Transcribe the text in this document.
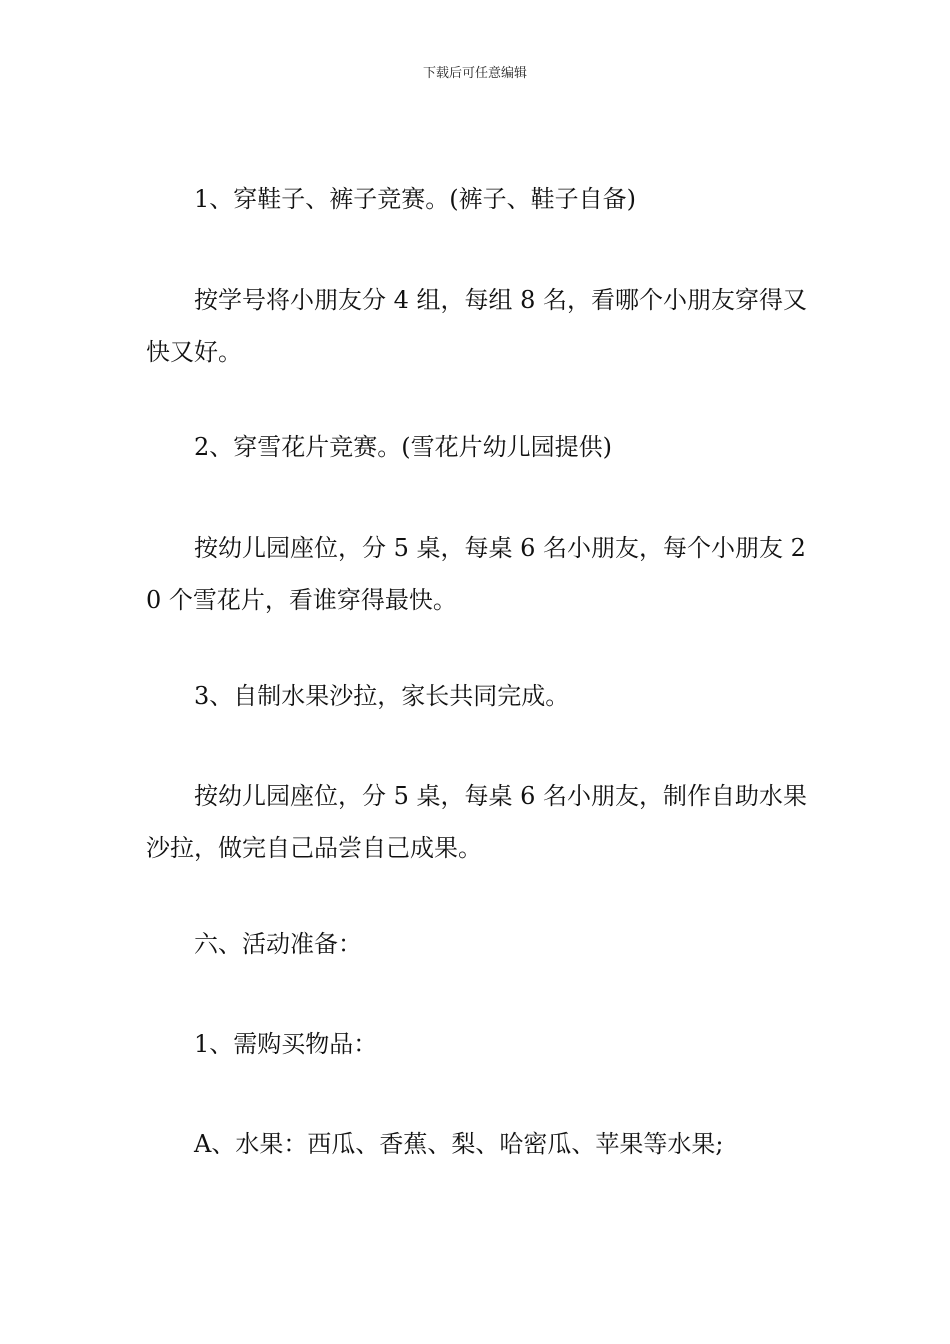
下载后可任意编辑

1、穿鞋子、裤子竞赛。(裤子、鞋子自备)

按学号将小朋友分 4 组，每组 8 名，看哪个小朋友穿得又快又好。

2、穿雪花片竞赛。(雪花片幼儿园提供)

按幼儿园座位，分 5 桌，每桌 6 名小朋友，每个小朋友 20 个雪花片，看谁穿得最快。

3、自制水果沙拉，家长共同完成。

按幼儿园座位，分 5 桌，每桌 6 名小朋友，制作自助水果沙拉，做完自己品尝自己成果。

六、活动准备：

1、需购买物品：

A、水果：西瓜、香蕉、梨、哈密瓜、苹果等水果;
